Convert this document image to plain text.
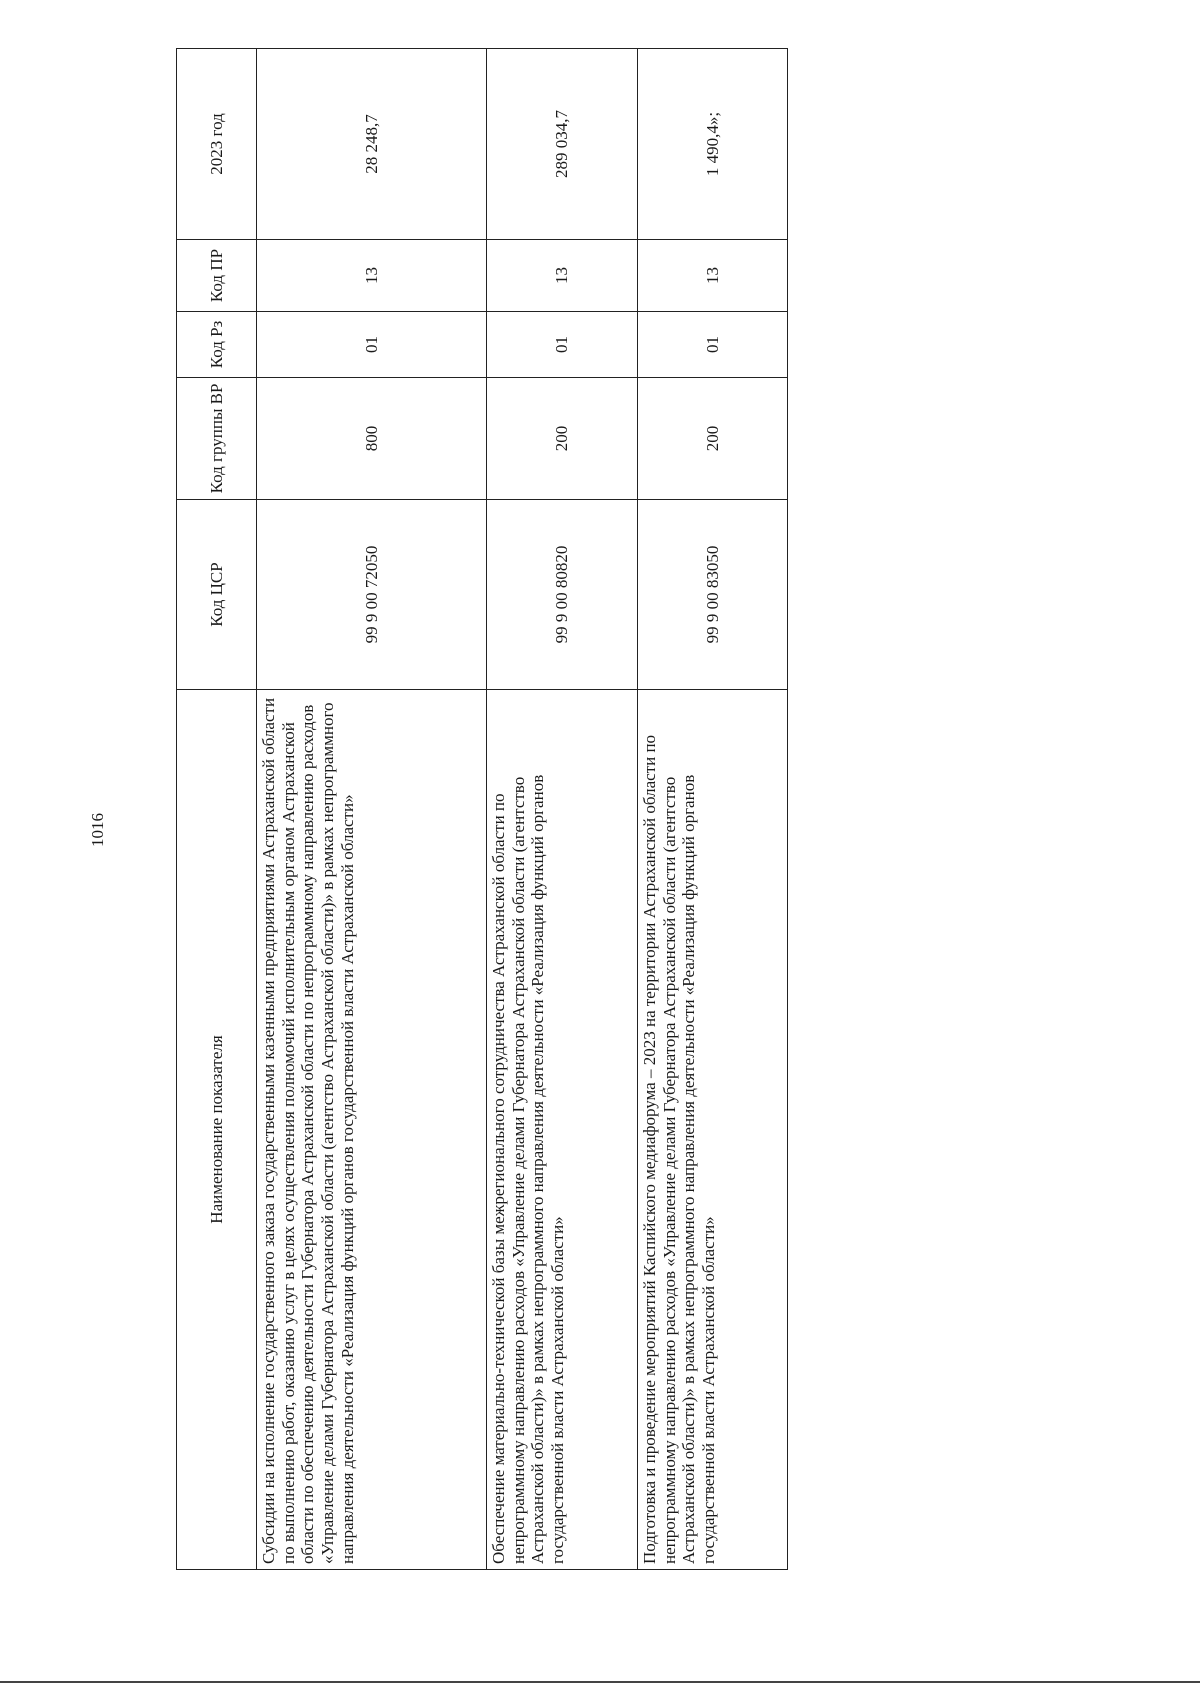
1016
Наименование показателя	Код ЦСР	Код группы ВР	Код Рз	Код ПР	2023 год
Субсидии на исполнение государственного заказа государственными казенными предприятиями Астраханской области по выполнению работ, оказанию услуг в целях осуществления полномочий исполнительным органом Астраханской области по обеспечению деятельности Губернатора Астраханской области по непрограммному направлению расходов «Управление делами Губернатора Астраханской области (агентство Астраханской области)» в рамках непрограммного направления деятельности «Реализация функций органов государственной власти Астраханской области»	99 9 00 72050	800	01	13	28 248,7
Обеспечение материально-технической базы межрегионального сотрудничества Астраханской области по непрограммному направлению расходов «Управление делами Губернатора Астраханской области (агентство Астраханской области)» в рамках непрограммного направления деятельности «Реализация функций органов государственной власти Астраханской области»	99 9 00 80820	200	01	13	289 034,7
Подготовка и проведение мероприятий Каспийского медиафорума – 2023 на территории Астраханской области по непрограммному направлению расходов «Управление делами Губернатора Астраханской области (агентство Астраханской области)» в рамках непрограммного направления деятельности «Реализация функций органов государственной власти Астраханской области»	99 9 00 83050	200	01	13	1 490,4»;
